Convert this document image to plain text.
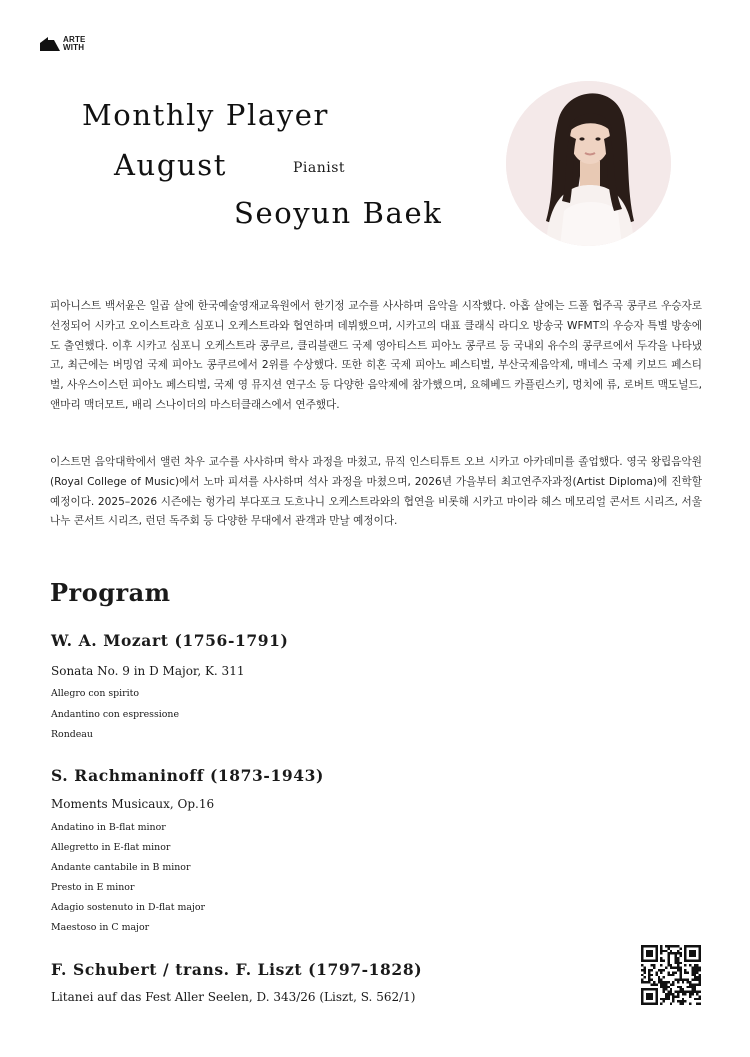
ARTE
WITH
Monthly Player
August	Pianist
Seoyun Baek

피아니스트 백서윤은 일곱 살에 한국예술영재교육원에서 한기정 교수를 사사하며 음악을 시작했다. 아홉 살에는 드폴 협주곡 콩쿠르 우승자로 선정되어 시카고 오이스트라흐 심포니 오케스트라와 협연하며 데뷔했으며, 시카고의 대표 클래식 라디오 방송국 WFMT의 우승자 특별 방송에도 출연했다. 이후 시카고 심포니 오케스트라 콩쿠르, 클리블랜드 국제 영아티스트 피아노 콩쿠르 등 국내외 유수의 콩쿠르에서 두각을 나타냈고, 최근에는 버밍엄 국제 피아노 콩쿠르에서 2위를 수상했다. 또한 히혼 국제 피아노 페스티벌, 부산국제음악제, 매네스 국제 키보드 페스티벌, 사우스이스턴 피아노 페스티벌, 국제 영 뮤지션 연구소 등 다양한 음악제에 참가했으며, 요헤베드 카플린스키, 멍치에 류, 로버트 맥도널드, 앤마리 맥더모트, 배리 스나이더의 마스터클래스에서 연주했다.

이스트먼 음악대학에서 앨런 차우 교수를 사사하며 학사 과정을 마쳤고, 뮤직 인스티튜트 오브 시카고 아카데미를 졸업했다. 영국 왕립음악원(Royal College of Music)에서 노마 피셔를 사사하며 석사 과정을 마쳤으며, 2026년 가을부터 최고연주자과정(Artist Diploma)에 진학할 예정이다. 2025–2026 시즌에는 헝가리 부다포크 도흐나니 오케스트라와의 협연을 비롯해 시카고 마이라 헤스 메모리얼 콘서트 시리즈, 서울 나누 콘서트 시리즈, 런던 독주회 등 다양한 무대에서 관객과 만날 예정이다.

Program
W. A. Mozart (1756-1791)
Sonata No. 9 in D Major, K. 311
Allegro con spirito
Andantino con espressione
Rondeau
S. Rachmaninoff (1873-1943)
Moments Musicaux, Op.16
Andatino in B-flat minor
Allegretto in E-flat minor
Andante cantabile in B minor
Presto in E minor
Adagio sostenuto in D-flat major
Maestoso in C major
F. Schubert / trans. F. Liszt (1797-1828)
Litanei auf das Fest Aller Seelen, D. 343/26 (Liszt, S. 562/1)
